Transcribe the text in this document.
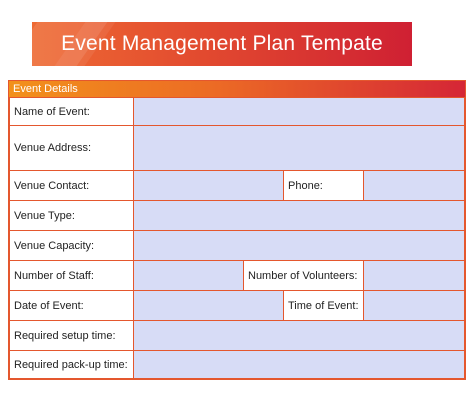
Event Management Plan Tempate
Event Details
Name of Event:
Venue Address:
Venue Contact:	Phone:
Venue Type:
Venue Capacity:
Number of Staff:	Number of Volunteers:
Date of Event:	Time of Event:
Required setup time:
Required pack-up time:
